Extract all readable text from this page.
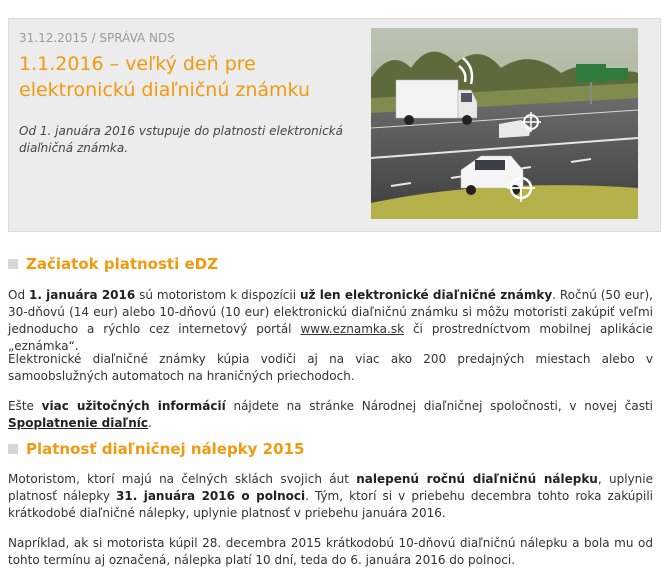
31.12.2015 / SPRÁVA NDS
1.1.2016 – veľký deň pre elektronickú diaľničnú známku

Od 1. januára 2016 vstupuje do platnosti elektronická diaľničná známka.

Začiatok platnosti eDZ

Od 1. januára 2016 sú motoristom k dispozícii už len elektronické diaľničné známky. Ročnú (50 eur), 30-dňovú (14 eur) alebo 10-dňovú (10 eur) elektronickú diaľničnú známku si môžu motoristi zakúpiť veľmi jednoducho a rýchlo cez internetový portál www.eznamka.sk či prostredníctvom mobilnej aplikácie „eznámka“.

Elektronické diaľničné známky kúpia vodiči aj na viac ako 200 predajných miestach alebo v samoobslužných automatoch na hraničných priechodoch.

Ešte viac užitočných informácií nájdete na stránke Národnej diaľničnej spoločnosti, v novej časti Spoplatnenie diaľníc.

Platnosť diaľničnej nálepky 2015

Motoristom, ktorí majú na čelných sklách svojich áut nalepenú ročnú diaľničnú nálepku, uplynie platnosť nálepky 31. januára 2016 o polnoci. Tým, ktorí si v priebehu decembra tohto roka zakúpili krátkodobé diaľničné nálepky, uplynie platnosť v priebehu januára 2016.

Napríklad, ak si motorista kúpil 28. decembra 2015 krátkodobú 10-dňovú diaľničnú nálepku a bola mu od tohto termínu aj označená, nálepka platí 10 dní, teda do 6. januára 2016 do polnoci.
